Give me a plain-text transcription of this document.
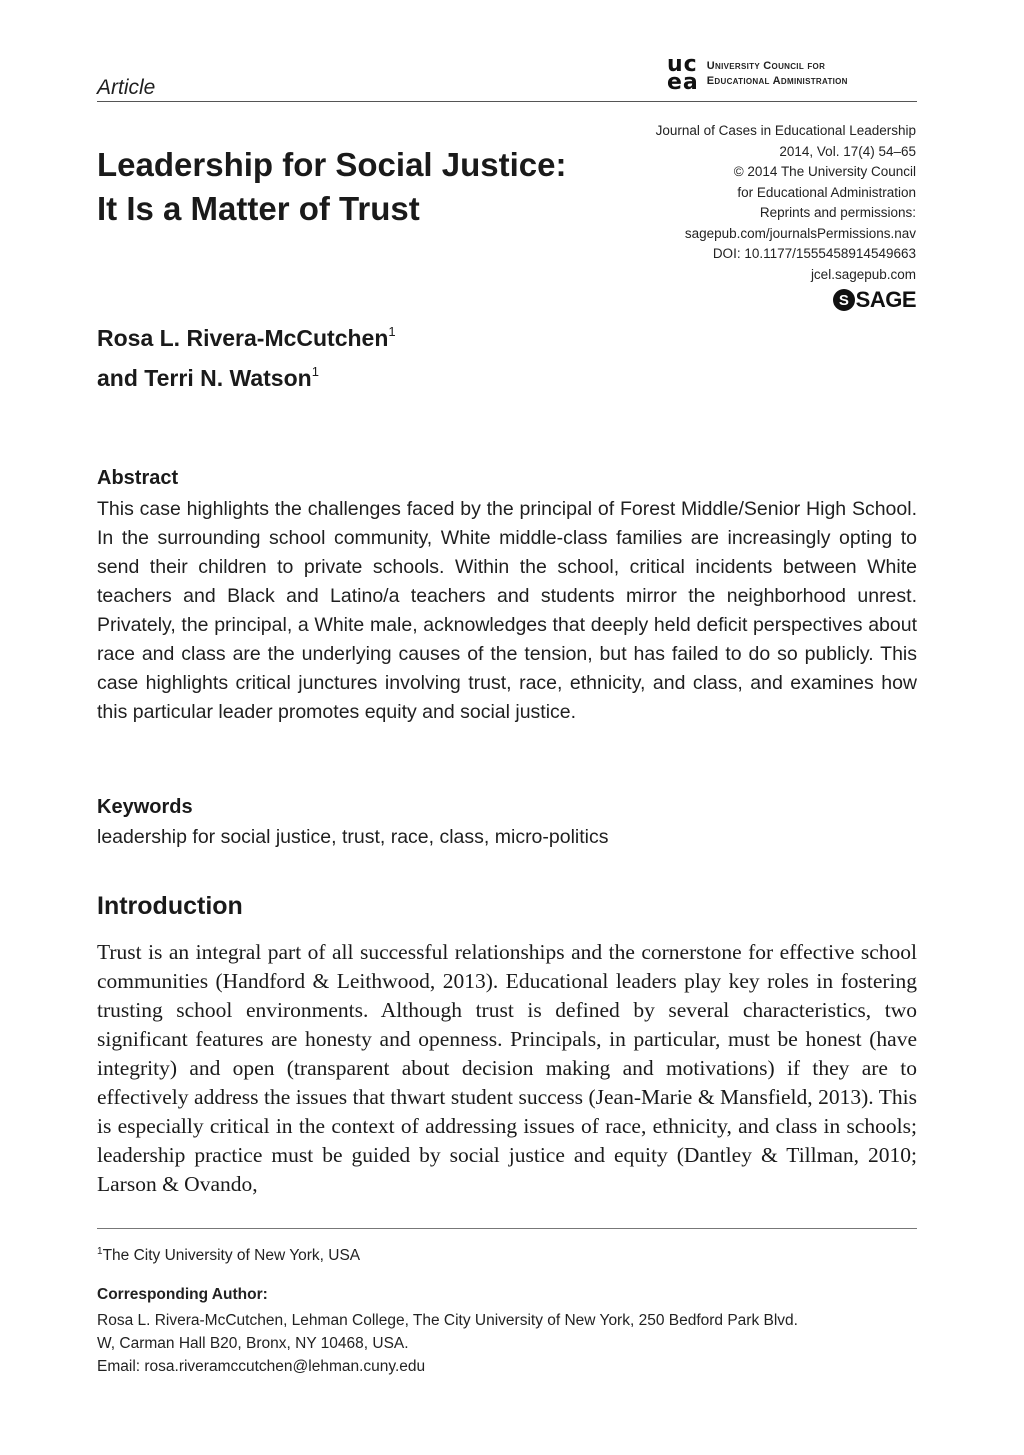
Article
uc
ea
University Council for
Educational Administration
Journal of Cases in Educational Leadership
2014, Vol. 17(4) 54–65
© 2014 The University Council
for Educational Administration
Reprints and permissions:
sagepub.com/journalsPermissions.nav
DOI: 10.1177/1555458914549663
jcel.sagepub.com
S SAGE
Leadership for Social Justice:
It Is a Matter of Trust
Rosa L. Rivera-McCutchen$^1$
and Terri N. Watson$^1$
Abstract

This case highlights the challenges faced by the principal of Forest Middle/Senior High School. In the surrounding school community, White middle-class families are increasingly opting to send their children to private schools. Within the school, critical incidents between White teachers and Black and Latino/a teachers and students mirror the neighborhood unrest. Privately, the principal, a White male, acknowledges that deeply held deficit perspectives about race and class are the underlying causes of the tension, but has failed to do so publicly. This case highlights critical junctures involving trust, race, ethnicity, and class, and examines how this particular leader promotes equity and social justice.

Keywords
leadership for social justice, trust, race, class, micro-politics
Introduction

Trust is an integral part of all successful relationships and the cornerstone for effective school communities (Handford & Leithwood, 2013). Educational leaders play key roles in fostering trusting school environments. Although trust is defined by several characteristics, two significant features are honesty and openness. Principals, in particular, must be honest (have integrity) and open (transparent about decision making and motivations) if they are to effectively address the issues that thwart student success (Jean-Marie & Mansfield, 2013). This is especially critical in the context of addressing issues of race, ethnicity, and class in schools; leadership practice must be guided by social justice and equity (Dantley & Tillman, 2010; Larson & Ovando,

$^1$The City University of New York, USA
Corresponding Author:
Rosa L. Rivera-McCutchen, Lehman College, The City University of New York, 250 Bedford Park Blvd.
W, Carman Hall B20, Bronx, NY 10468, USA.
Email: rosa.riveramccutchen@lehman.cuny.edu
